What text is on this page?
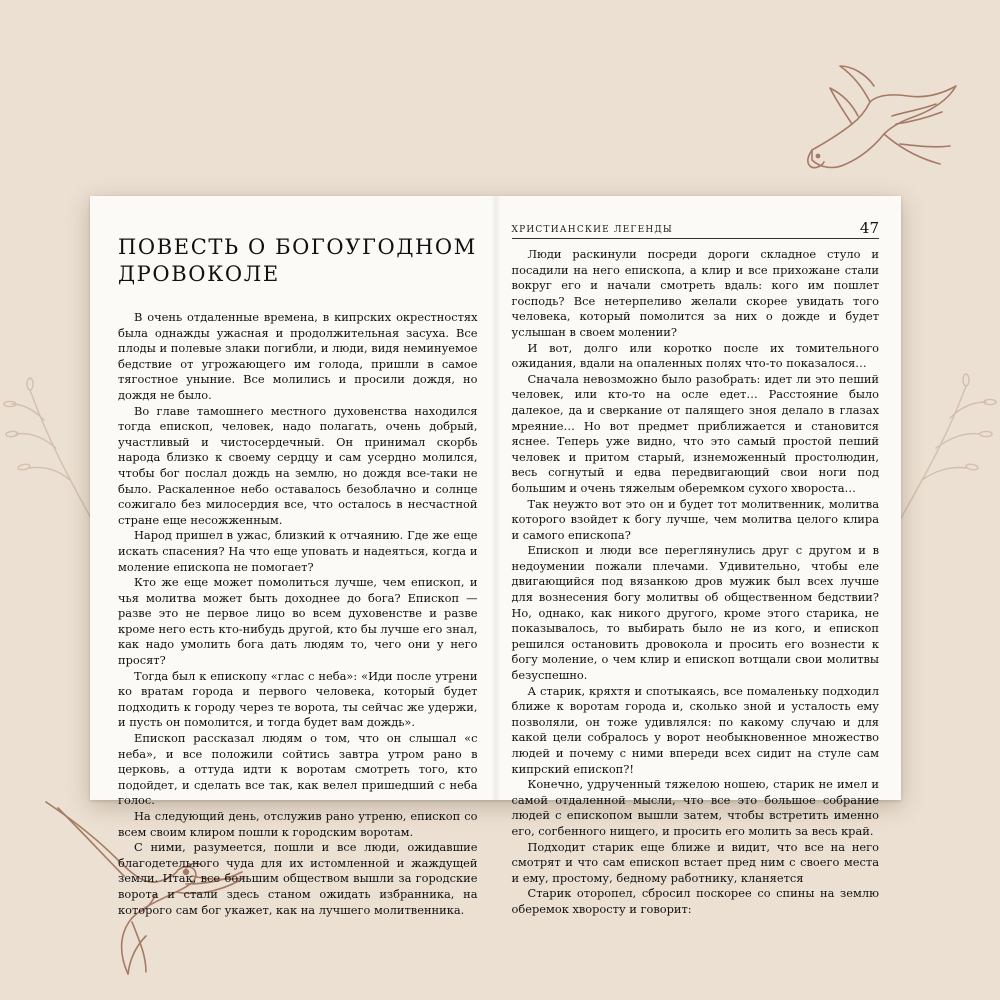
ПОВЕСТЬ О БОГОУГОДНОМ
ДРОВОКОЛЕ

В очень отдаленные времена, в кипрских окрестностях была однажды ужасная и продолжительная засуха. Все плоды и полевые злаки погибли, и люди, видя неминуемое бедствие от угрожающего им голода, пришли в самое тягостное уныние. Все молились и просили дождя, но дождя не было.

Во главе тамошнего местного духовенства находился тогда епископ, человек, надо полагать, очень добрый, участливый и чистосердечный. Он принимал скорбь народа близко к своему сердцу и сам усердно молился, чтобы бог послал дождь на землю, но дождя все-таки не было. Раскаленное небо оставалось безоблачно и солнце сожигало без милосердия все, что осталось в несчастной стране еще несожженным.

Народ пришел в ужас, близкий к отчаянию. Где же еще искать спасения? На что еще уповать и надеяться, когда и моление епископа не помогает?

Кто же еще может помолиться лучше, чем епископ, и чья молитва может быть доходнее до бога? Епископ — разве это не первое лицо во всем духовенстве и разве кроме него есть кто-нибудь другой, кто бы лучше его знал, как надо умолить бога дать людям то, чего они у него просят?

Тогда был к епископу «глас с неба»: «Иди после утрени ко вратам города и первого человека, который будет подходить к городу через те ворота, ты сейчас же удержи, и пусть он помолится, и тогда будет вам дождь».

Епископ рассказал людям о том, что он слышал «с неба», и все положили сойтись завтра утром рано в церковь, а оттуда идти к воротам смотреть того, кто подойдет, и сделать все так, как велел пришедший с неба голос.

На следующий день, отслужив рано утреню, епископ со всем своим клиром пошли к городским воротам.

С ними, разумеется, пошли и все люди, ожидавшие благодетельного чуда для их истомленной и жаждущей земли. Итак, все большим обществом вышли за городские ворота и стали здесь станом ожидать избранника, на которого сам бог укажет, как на лучшего молитвенника.

ХРИСТИАНСКИЕ ЛЕГЕНДЫ	47

Люди раскинули посреди дороги складное стуло и посадили на него епископа, а клир и все прихожане стали вокруг его и начали смотреть вдаль: кого им пошлет господь? Все нетерпеливо желали скорее увидать того человека, который помолится за них о дожде и будет услышан в своем молении?

И вот, долго или коротко после их томительного ожидания, вдали на опаленных полях что-то показалося…

Сначала невозможно было разобрать: идет ли это пеший человек, или кто-то на осле едет… Расстояние было далекое, да и сверкание от палящего зноя делало в глазах мреяние… Но вот предмет приближается и становится яснее. Теперь уже видно, что это самый простой пеший человек и притом старый, изнеможенный простолюдин, весь согнутый и едва передвигающий свои ноги под большим и очень тяжелым оберемком сухого хвороста…

Так неужто вот это он и будет тот молитвенник, молитва которого взойдет к богу лучше, чем молитва целого клира и самого епископа?

Епископ и люди все переглянулись друг с другом и в недоумении пожали плечами. Удивительно, чтобы еле двигающийся под вязанкою дров мужик был всех лучше для вознесения богу молитвы об общественном бедствии? Но, однако, как никого другого, кроме этого старика, не показывалось, то выбирать было не из кого, и епископ решился остановить дровокола и просить его вознести к богу моление, о чем клир и епископ вотщали свои молитвы безуспешно.

А старик, кряхтя и спотыкаясь, все помаленьку подходил ближе к воротам города и, сколько зной и усталость ему позволяли, он тоже удивлялся: по какому случаю и для какой цели собралось у ворот необыкновенное множество людей и почему с ними впереди всех сидит на стуле сам кипрский епископ?!

Конечно, удрученный тяжелою ношею, старик не имел и самой отдаленной мысли, что все это большое собрание людей с епископом вышли затем, чтобы встретить именно его, согбенного нищего, и просить его молить за весь край.

Подходит старик еще ближе и видит, что все на него смотрят и что сам епископ встает пред ним с своего места и ему, простому, бедному работнику, кланяется

Старик оторопел, сбросил поскорее со спины на землю оберемок хворосту и говорит:
